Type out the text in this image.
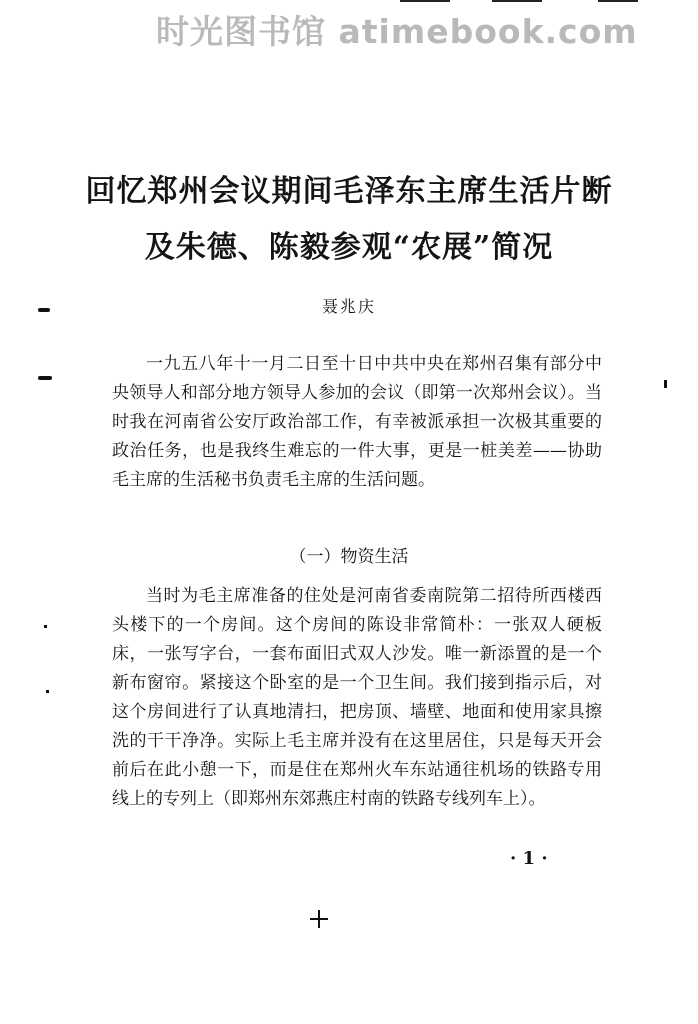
时光图书馆 atimebook.com
回忆郑州会议期间毛泽东主席生活片断
及朱德、陈毅参观“农展”简况
聂兆庆

一九五八年十一月二日至十日中共中央在郑州召集有部分中央领导人和部分地方领导人参加的会议（即第一次郑州会议）。当时我在河南省公安厅政治部工作，有幸被派承担一次极其重要的政治任务，也是我终生难忘的一件大事，更是一桩美差——协助毛主席的生活秘书负责毛主席的生活问题。

（一）物资生活

当时为毛主席准备的住处是河南省委南院第二招待所西楼西头楼下的一个房间。这个房间的陈设非常简朴：一张双人硬板床，一张写字台，一套布面旧式双人沙发。唯一新添置的是一个新布窗帘。紧接这个卧室的是一个卫生间。我们接到指示后，对这个房间进行了认真地清扫，把房顶、墙壁、地面和使用家具擦洗的干干净净。实际上毛主席并没有在这里居住，只是每天开会前后在此小憩一下，而是住在郑州火车东站通往机场的铁路专用线上的专列上（即郑州东郊燕庄村南的铁路专线列车上）。

· 1 ·
